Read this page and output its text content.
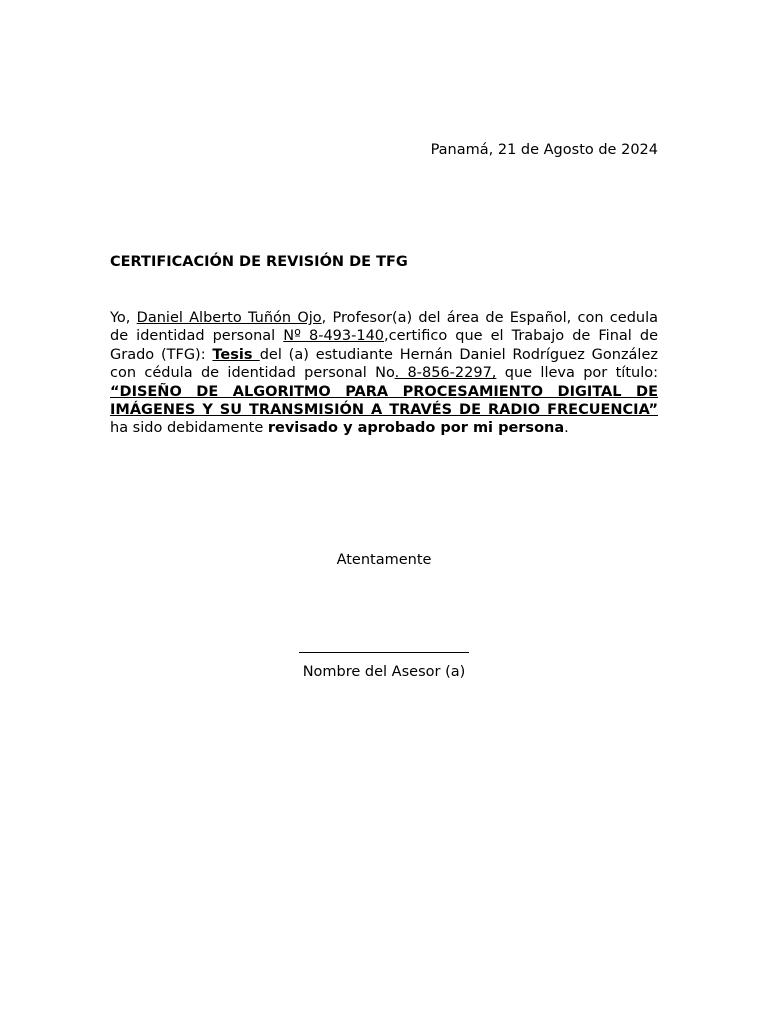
Panamá, 21 de Agosto de 2024
CERTIFICACIÓN DE REVISIÓN DE TFG
Yo, Daniel Alberto Tuñón Ojo, Profesor(a) del área de Español, con cedula de identidad personal Nº 8-493-140,certifico que el Trabajo de Final de Grado (TFG): Tesis del (a) estudiante Hernán Daniel Rodríguez González con cédula de identidad personal No. 8-856-2297, que lleva por título: “DISEÑO DE ALGORITMO PARA PROCESAMIENTO DIGITAL DE IMÁGENES Y SU TRANSMISIÓN A TRAVÉS DE RADIO FRECUENCIA” ha sido debidamente revisado y aprobado por mi persona.
Atentamente
Nombre del Asesor (a)
